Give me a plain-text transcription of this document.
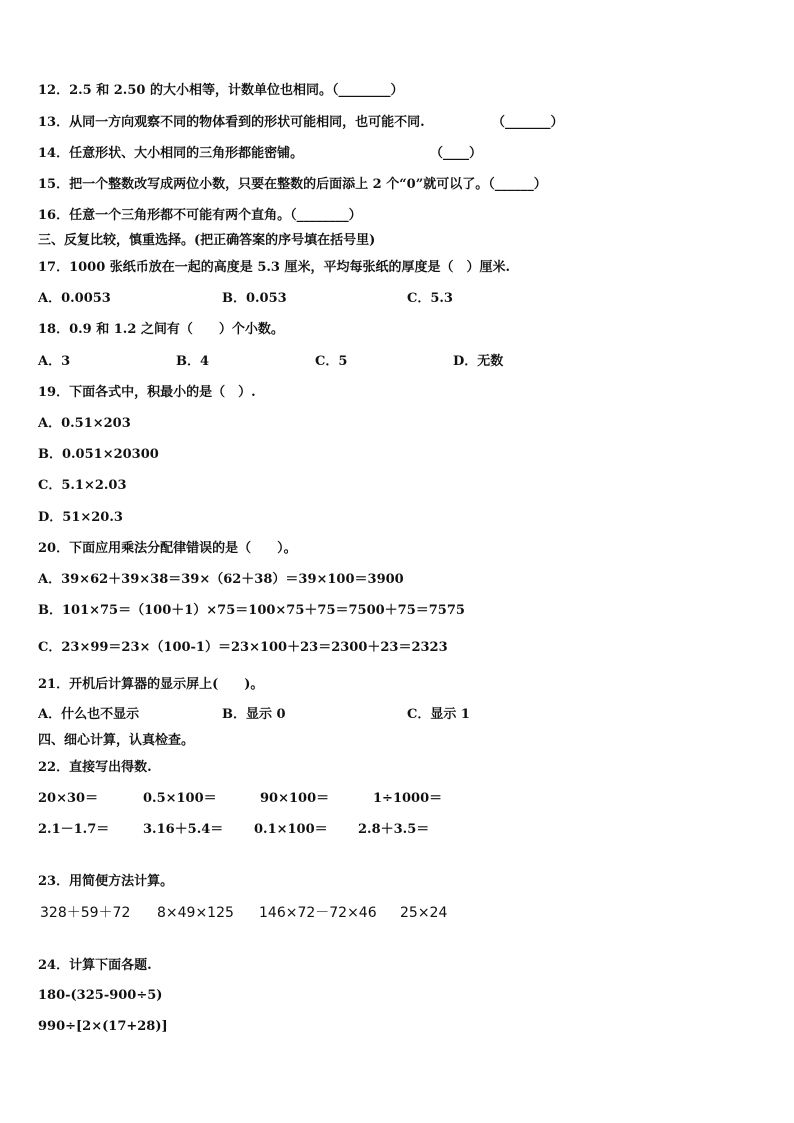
12．2.5 和 2.50 的大小相等，计数单位也相同。（________）
13．从同一方向观察不同的物体看到的形状可能相同，也可能不同.	（_______）
14．任意形状、大小相同的三角形都能密铺。	（____）
15．把一个整数改写成两位小数，只要在整数的后面添上 2 个“0”就可以了。（______）
16．任意一个三角形都不可能有两个直角。（________）
三、反复比较，慎重选择。(把正确答案的序号填在括号里)
17．1000 张纸币放在一起的高度是 5.3 厘米，平均每张纸的厚度是（　）厘米.
A．0.0053	B．0.053	C．5.3
18．0.9 和 1.2 之间有（　　）个小数。
A．3	B．4	C．5	D．无数
19．下面各式中，积最小的是（　）.
A．0.51×203
B．0.051×20300
C．5.1×2.03
D．51×20.3
20．下面应用乘法分配律错误的是（　　）。
A．39×62＋39×38＝39×（62＋38）＝39×100＝3900
B．101×75＝（100＋1）×75＝100×75＋75＝7500＋75＝7575
C．23×99＝23×（100-1）＝23×100＋23＝2300＋23＝2323
21．开机后计算器的显示屏上(　　)。
A．什么也不显示	B．显示 0	C．显示 1
四、细心计算，认真检查。
22．直接写出得数.
20×30＝	0.5×100＝	90×100＝	1÷1000＝
2.1－1.7＝	3.16＋5.4＝ 0.1×100＝ 2.8＋3.5＝
23．用简便方法计算。
328＋59＋72 8×49×125 146×72－72×46 25×24
24．计算下面各题.
180-(325-900÷5)
990÷[2×(17+28)]
